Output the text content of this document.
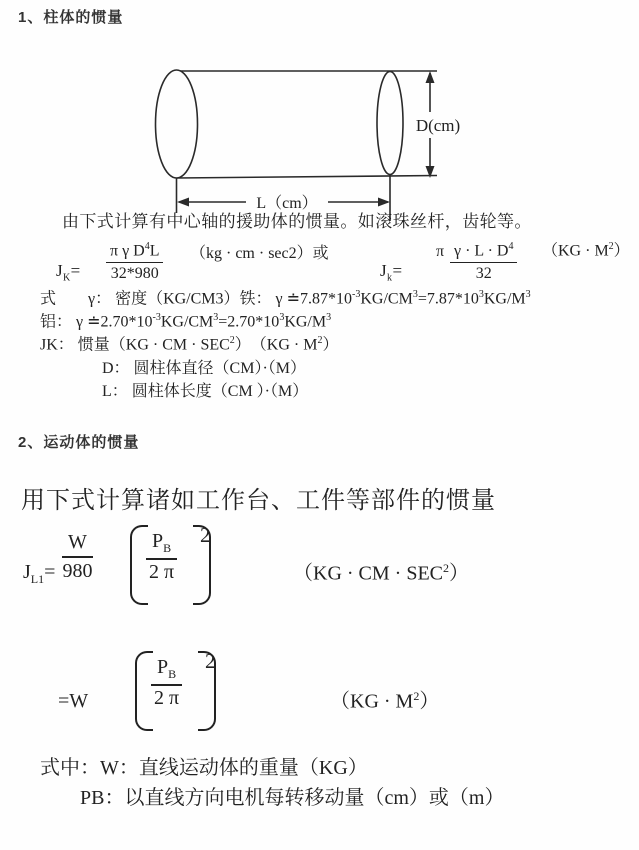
1、柱体的惯量
D(cm)
L（cm）
由下式计算有中心轴的援助体的惯量。如滚珠丝杆，齿轮等。
$J_K= \frac{\pi \gamma D^4L}{32*980} (kg$ · cm · sec2）或
$J_k=$
π $\frac{\gamma \cdot L \cdot D^4}{32} (KG \cdot M^2)$
式　　γ： 密度（KG/CM3）铁： γ $≐7.87*10^{-3}KG/CM^3=7.87*10^3KG/M^3$
铝： γ $≐2.70*10^{-3}KG/CM^3=2.70*10^3KG/M^3$
JK： 惯量（KG · CM · $SEC^2$）　$(KG \cdot M^2)$
D： 圆柱体直径（CM）·（M）
L： 圆柱体长度（CM ）·（M）
2、运动体的惯量
用下式计算诸如工作台、工件等部件的惯量
$J_{L1}= \frac{W}{980}$	$\frac{P_B}{2 \pi} 2$
（KG · CM · $SEC^2$）
=W	$\frac{P_B}{2 \pi} 2$
$(KG \cdot M^2)$
式中：W：直线运动体的重量（KG）
PB：以直线方向电机每转移动量（cm）或（m）
